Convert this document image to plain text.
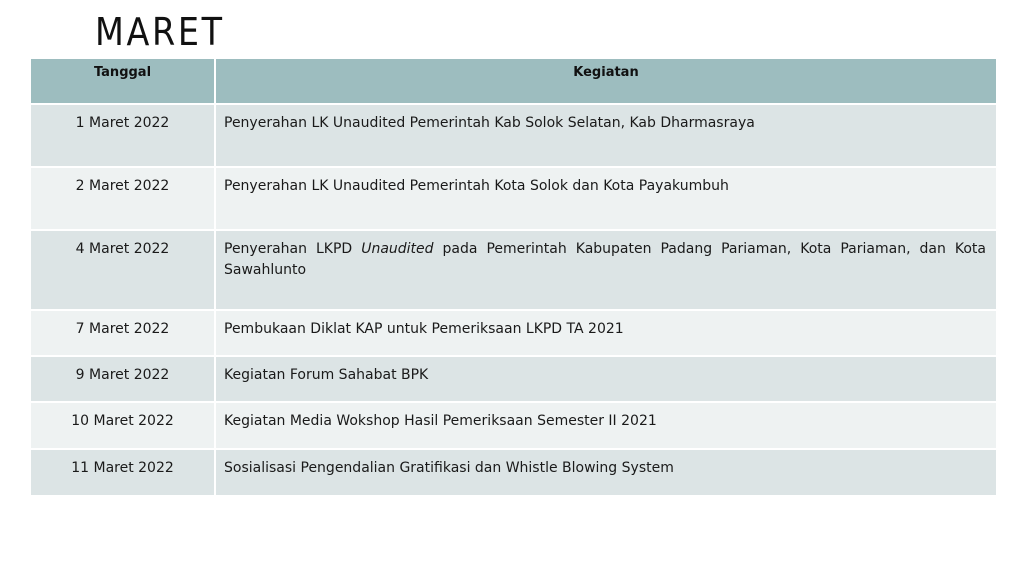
MARET
Tanggal	Kegiatan
1 Maret 2022	Penyerahan LK Unaudited Pemerintah Kab Solok Selatan, Kab Dharmasraya
2 Maret 2022	Penyerahan LK Unaudited Pemerintah Kota Solok dan Kota Payakumbuh
4 Maret 2022	Penyerahan LKPD Unaudited pada Pemerintah Kabupaten Padang Pariaman, Kota Pariaman, dan Kota Sawahlunto
7 Maret 2022	Pembukaan Diklat KAP untuk Pemeriksaan LKPD TA 2021
9 Maret 2022	Kegiatan Forum Sahabat BPK
10 Maret 2022	Kegiatan Media Wokshop Hasil Pemeriksaan Semester II 2021
11 Maret 2022	Sosialisasi Pengendalian Gratifikasi dan Whistle Blowing System
